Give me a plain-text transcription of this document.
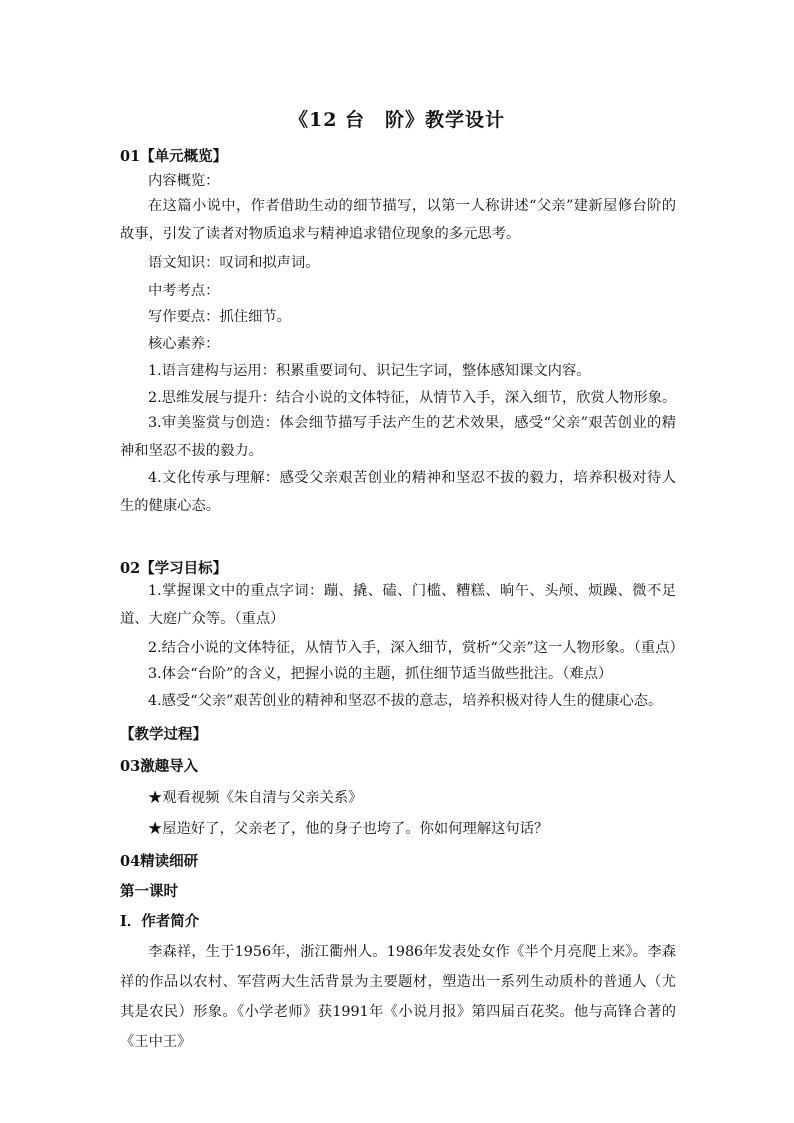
《12 台　阶》教学设计
01【单元概览】
内容概览：
在这篇小说中，作者借助生动的细节描写，以第一人称讲述“父亲”建新屋修台阶的故事，引发了读者对物质追求与精神追求错位现象的多元思考。
语文知识：叹词和拟声词。
中考考点：
写作要点：抓住细节。
核心素养：
1.语言建构与运用：积累重要词句、识记生字词，整体感知课文内容。
2.思维发展与提升：结合小说的文体特征，从情节入手，深入细节，欣赏人物形象。
3.审美鉴赏与创造：体会细节描写手法产生的艺术效果，感受“父亲”艰苦创业的精神和坚忍不拔的毅力。
4.文化传承与理解：感受父亲艰苦创业的精神和坚忍不拔的毅力，培养积极对待人生的健康心态。
02【学习目标】
1.掌握课文中的重点字词：蹦、撬、磕、门槛、糟糕、晌午、头颅、烦躁、微不足道、大庭广众等。（重点）
2.结合小说的文体特征，从情节入手，深入细节，赏析“父亲”这一人物形象。（重点）
3.体会“台阶”的含义，把握小说的主题，抓住细节适当做些批注。（难点）
4.感受“父亲”艰苦创业的精神和坚忍不拔的意志，培养积极对待人生的健康心态。
【教学过程】
03激趣导入
★观看视频《朱自清与父亲关系》
★屋造好了，父亲老了，他的身子也垮了。你如何理解这句话？
04精读细研
第一课时
Ⅰ．作者简介
李森祥，生于1956年，浙江衢州人。1986年发表处女作《半个月亮爬上来》。李森祥的作品以农村、军营两大生活背景为主要题材，塑造出一系列生动质朴的普通人（尤其是农民）形象。《小学老师》获1991年《小说月报》第四届百花奖。他与高锋合著的《王中王》
